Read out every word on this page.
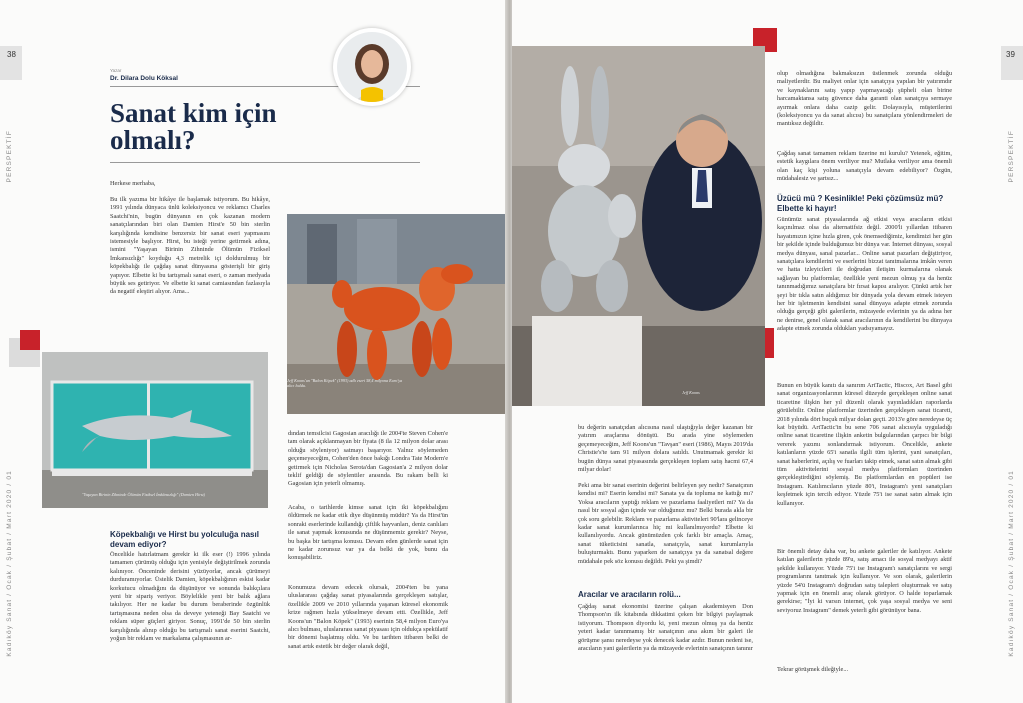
38
PERSPEKTİF
Kadıköy Sanat / Ocak / Şubat / Mart 2020 / 01
Yazar
Dr. Dilara Dolu Köksal
Sanat kim için
olmalı?
Herkese merhaba,
Bu ilk yazıma bir hikâye ile başlamak istiyorum. Bu hikâye, 1991 yılında dünyaca ünlü koleksiyoncu ve reklamcı Charles Saatchi'nin, bugün dünyanın en çok kazanan modern sanatçılarından biri olan Damien Hirst'e 50 bin sterlin karşılığında kendisine benzersiz bir sanat eseri yapmasını istemesiyle başlıyor. Hirst, bu isteği yerine getirmek adına, ismini "Yaşayan Birinin Zihninde Ölümün Fiziksel İmkansızlığı" koyduğu 4,3 metrelik içi doldurulmuş bir köpekbalığı ile çağdaş sanat dünyasına gösterişli bir giriş yapıyor. Elbette ki bu tartışmalı sanat eseri, o zaman medyada büyük ses getiriyor. Ve elbette ki sanat camiasından fazlasıyla da negatif eleştiri alıyor. Ama...
"Yaşayan Birinin Zihninde Ölümün Fiziksel İmkânsızlığı" (Damien Hirst)
Jeff Koons'un "Balon Köpek" (1993) adlı eseri 58,4 milyona Euro'ya alıcı buldu.
Köpekbalığı ve Hirst bu yolculuğa nasıl devam ediyor?
Öncelikle hatırlatmam gerekir ki ilk eser (!) 1996 yılında tamamen çürümüş olduğu için yenisiyle değiştirilmek zorunda kalınıyor. Önceninde derisini yüzüyorlar, ancak çürümeyi durduramıyorlar. Üstelik Damien, köpekbalığının eskisi kadar korkutucu olmadığını da düşünüyor ve sonunda balıkçılara yeni bir sipariş veriyor. Böylelikle yeni bir balık ağlara takılıyor. Her ne kadar bu durum beraberinde özgünlük tartışmasına neden olsa da deveye yeteneği Bay Saatchi ve reklam süper güçleri giriyor. Sonuç, 1991'de 50 bin sterlin karşılığında alınıp olduğu bu tartışmalı sanat eserini Saatchi, yoğun bir reklam ve markalama çalışmasının ar-
dından temsilcisi Gagosian aracılığı ile 2004'te Steven Cohen'e tam olarak açıklanmayan bir fiyata (8 ila 12 milyon dolar arası olduğu söyleniyor) satmayı başarıyor. Yalnız söylemeden geçemeyeceğim, Cohen'den önce bakığı Londra Tate Modern'e getirmek için Nicholas Serota'dan Gagosian'a 2 milyon dolar teklif geldiği de söylentiler arasında. Bu rakam belli ki Gagosian için yeterli olmamış.
Acaba, o tarihlerde kimse sanat için iki köpekbalığını öldürmek ne kadar etik diye düşünmüş müdür? Ya da Hirst'ün sonraki eserlerinde kullandığı çiftlik hayvanları, deniz canlıları ile sanat yapmak konusunda ne düşünmemiz gerekir? Neyse, bu başka bir tartışma konusu. Devam eden günlerde sanat için ne kadar zorunsuz var ya da belki de yok, bunu da konuşabiliriz.
Konumuza devam edecek olursak, 2004'ten bu yana uluslararası çağdaş sanat piyasalarında gerçekleşen satışlar, özellikle 2009 ve 2010 yıllarında yaşanan küresel ekonomik krize rağmen hızla yükselmeye devam etti. Özellikle, Jeff Koons'un "Balon Köpek" (1993) eserinin 58,4 milyon Euro'ya alıcı bulması, uluslararası sanat piyasası için oldukça spekülatif bir dönemi başlatmış oldu. Ve bu tarihten itibaren belki de sanat artık estetik bir değer olarak değil,
39
PERSPEKTİF
Kadıköy Sanat / Ocak / Şubat / Mart 2020 / 01
Jeff Koons
bu değerin sanatçıdan alıcısına nasıl ulaştığıyla değer kazanan bir yatırım araçlarına dönüştü. Bu arada yine söylemeden geçemeyeceğim, Jeff Koons'un "Tavşan" eseri (1986), Mayıs 2019'da Christie's'te tam 91 milyon dolara satıldı. Unutmamak gerekir ki bugün dünya sanat piyasasında gerçekleşen toplam satış hacmi 67,4 milyar dolar!
Peki ama bir sanat eserinin değerini belirleyen şey nedir? Sanatçının kendisi mi? Eserin kendisi mi? Sanata ya da topluma ne kattığı mı? Yoksa aracıların yaptığı reklam ve pazarlama faaliyetleri mi? Ya da nasıl bir sosyal ağın içinde var olduğunuz mu? Belki burada akla bir çok soru gelebilir. Reklam ve pazarlama aktiviteleri 90'lara gelinceye kadar sanat kurumlarınca hiç mi kullanılmıyordu? Elbette ki kullanılıyordu. Ancak günümüzden çok farklı bir amaçla. Amaç, sanat tüketicisini sanatla, sanatçıyla, sanat kurumlarıyla buluşturmaktı. Bunu yaparken de sanatçıya ya da sanatsal değere müdahale pek söz konusu değildi. Peki ya şimdi?
Aracılar ve aracıların rolü...
Çağdaş sanat ekonomisi üzerine çalışan akademisyen Don Thompson'ın ilk kitabında dikkatimi çeken bir bilgiyi paylaşmak istiyorum. Thompson diyordu ki, yeni mezun olmuş ya da henüz yeteri kadar tanınmamış bir sanatçının ana akım bir galeri ile görüşme şansı neredeyse yok denecek kadar azdır. Bunun nedeni ise, aracıların yani galerilerin ya da müzayede evlerinin sanatçının tanınır
olup olmadığına bakmaksızın üstlenmek zorunda olduğu maliyetlerdir. Bu maliyet onlar için sanatçıya yapılan bir yatırımdır ve kaynaklarını satış yapıp yapmayacağı şüpheli olan birine harcamaktansa satış güvence daha garanti olan sanatçıya sermaye ayırmak onlara daha cazip gelir. Dolayısıyla, müşterilerini (koleksiyoncu ya da sanat alıcısı) bu sanatçılara yönlendirmeleri de mantıksız değildir.
Çağdaş sanat tamamen reklam üzerine mi kurulu? Yetenek, eğitim, estetik kaygılara önem veriliyor mu? Mutlaka veriliyor ama önemli olan kaç kişi yoluna sanatçıyla devam edebiliyor? Özgün, müdahalesiz ve şartsız...
Üzücü mü ? Kesinlikle! Peki çözümsüz mü? Elbette ki hayır!
Günümüz sanat piyasalarında ağ etkisi veya aracıların etkisi kaçınılmaz olsa da alternatifsiz değil. 2000'li yıllardan itibaren hayatımızın içine hızla giren, çok önemsediğimiz, kendimizi her gün bir şekilde içinde bulduğumuz bir dünya var. İnternet dünyası, sosyal medya dünyası, sanal pazarlar... Online sanat pazarları değiştiriyor, sanatçılara kendilerini ve eserlerini bizzat tanıtmalarına imkân veren ve hatta izleyicileri ile doğrudan iletişim kurmalarına olanak sağlayan bu platformlar, özellikle yeni mezun olmuş ya da henüz tanınmadığımız sanatçılara bir fırsat kapısı aralıyor. Çünkü artık her şeyi bir tıkla satın aldığımız bir dünyada yola devam etmek isteyen her bir işletmenin kendisini sanal dünyaya adapte etmek zorunda olduğu gerçeği gibi galerilerin, müzayede evlerinin ya da adına her ne denirse, genel olarak sanat aracılarının da kendilerini bu dünyaya adapte etmek zorunda oldukları yadsıyamayız.
Bunun en büyük kanıtı da sanırım ArtTactic, Hiscox, Art Basel gibi sanat organizasyonlarının küresel düzeyde gerçekleşen online sanat ticaretine ilişkin her yıl düzenli olarak yayınladıkları raporlarda görülebilir. Online platformlar üzerinden gerçekleşen sanat ticareti, 2018 yılında dört buçuk milyar dolan geçti. 2013'e göre neredeyse üç kat büyüdü. ArtTactic'in bu sene 706 sanat alıcısıyla uyguladığı online sanat ticaretine ilişkin anketin bulgularından çarpıcı bir bilgi vererek yazımı sonlandırmak istiyorum. Öncelikle, ankete katılanların yüzde 65'i sanatla ilgili tüm işlerini, yani sanatçıları, sanat haberlerini, açılış ve fuarları takip etmek, sanat satın almak gibi tüm aktivitelerini sosyal medya platformları üzerinden gerçekleştirdiğini söylemiş. Bu platformlardan en popüleri ise Instagram. Katılımcıların yüzde 80'i, Instagram'ı yeni sanatçıları keşfetmek için tercih ediyor. Yüzde 75'i ise sanat satın almak için kullanıyor.
Bir önemli detay daha var, bu ankete galeriler de katılıyor. Ankete katılan galerilerin yüzde 89'u, satış amacı ile sosyal medyayı aktif şekilde kullanıyor. Yüzde 75'i ise Instagram'ı sanatçılarını ve sergi programlarını tanıtmak için kullanıyor. Ve son olarak, galerilerin yüzde 54'ü Instagram'ı doğrudan satış talepleri oluşturmak ve satış yapmak için en önemli araç olarak görüyor. O halde toparlamak gerekirse; "İyi ki varsın internet, çok yaşa sosyal medya ve seni seviyoruz Instagram" demek yeterli gibi görünüyor bana.
Tekrar görüşmek dileğiyle...
